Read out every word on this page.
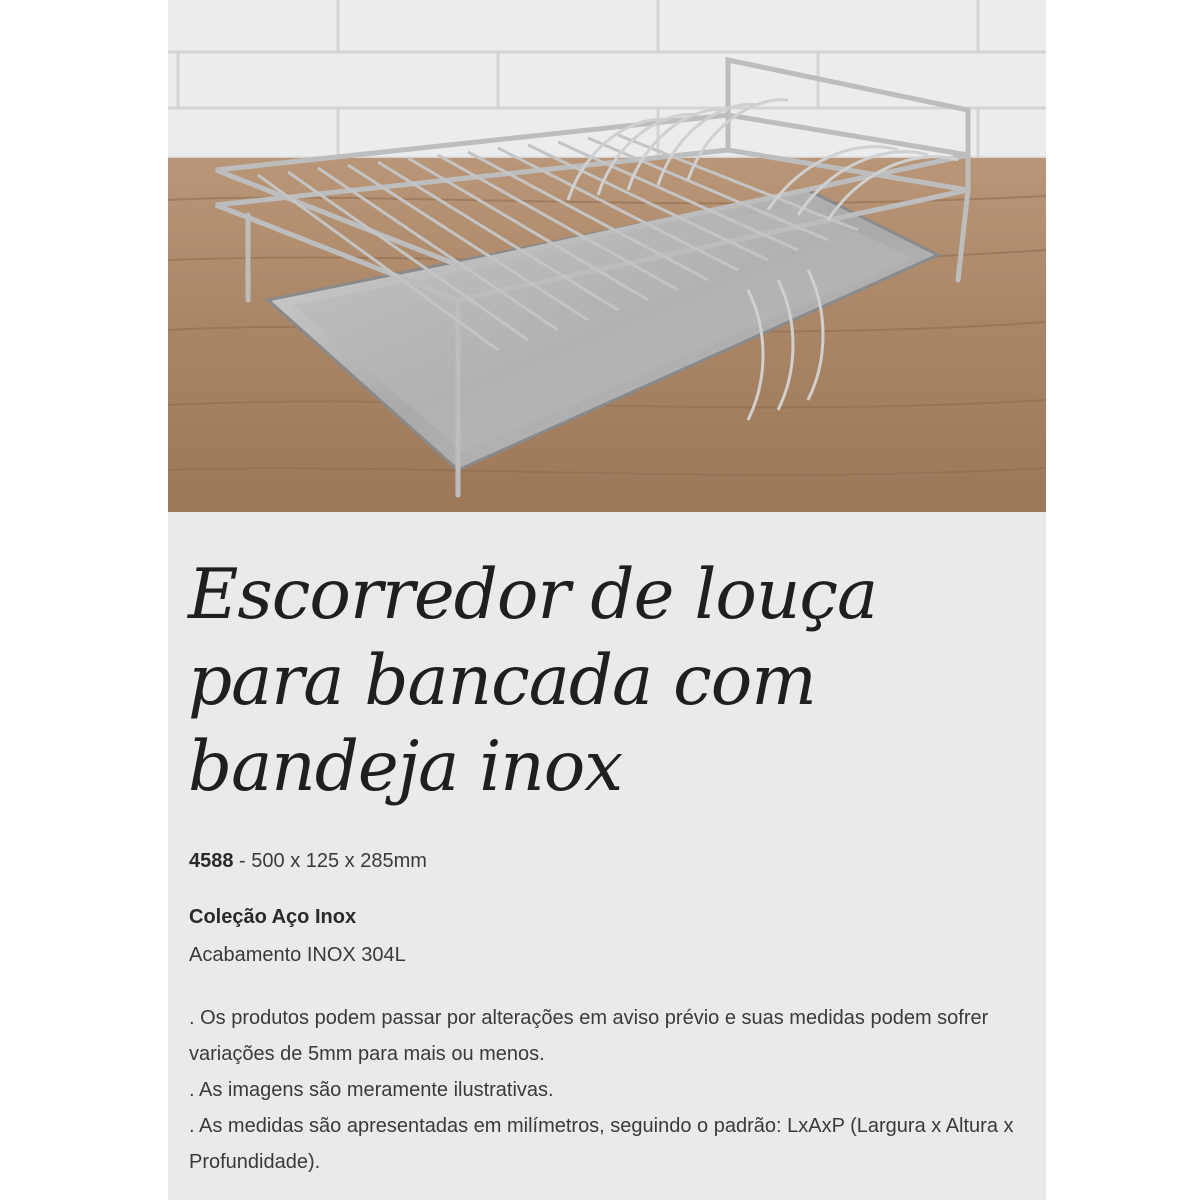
Escorredor de louça
para bancada com
bandeja inox
4588 - 500 x 125 x 285mm
Coleção Aço Inox
Acabamento INOX 304L
. Os produtos podem passar por alterações em aviso prévio e suas medidas podem sofrer variações de 5mm para mais ou menos.
. As imagens são meramente ilustrativas.
. As medidas são apresentadas em milímetros, seguindo o padrão: LxAxP (Largura x Altura x Profundidade).
